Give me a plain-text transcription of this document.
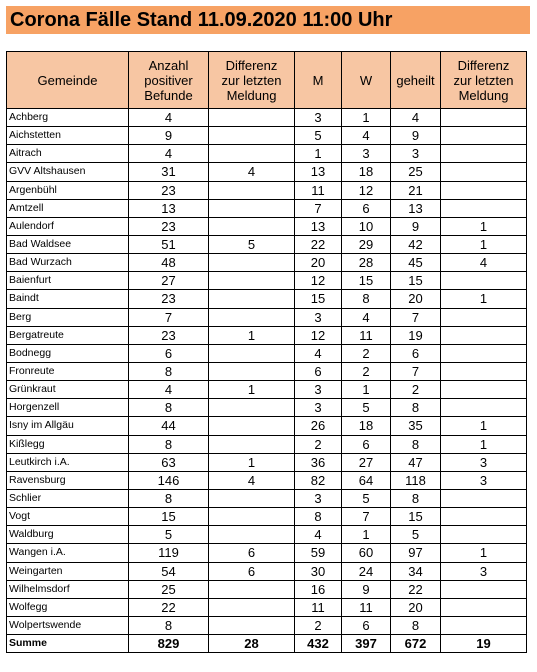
Corona Fälle Stand 11.09.2020 11:00 Uhr
Gemeinde	Anzahl
positiver
Befunde	Differenz
zur letzten
Meldung	M	W	geheilt	Differenz
zur letzten
Meldung
Achberg	4		3	1	4	
Aichstetten	9		5	4	9	
Aitrach	4		1	3	3	
GVV Altshausen	31	4	13	18	25	
Argenbühl	23		11	12	21	
Amtzell	13		7	6	13	
Aulendorf	23		13	10	9	1
Bad Waldsee	51	5	22	29	42	1
Bad Wurzach	48		20	28	45	4
Baienfurt	27		12	15	15	
Baindt	23		15	8	20	1
Berg	7		3	4	7	
Bergatreute	23	1	12	11	19	
Bodnegg	6		4	2	6	
Fronreute	8		6	2	7	
Grünkraut	4	1	3	1	2	
Horgenzell	8		3	5	8	
Isny im Allgäu	44		26	18	35	1
Kißlegg	8		2	6	8	1
Leutkirch i.A.	63	1	36	27	47	3
Ravensburg	146	4	82	64	118	3
Schlier	8		3	5	8	
Vogt	15		8	7	15	
Waldburg	5		4	1	5	
Wangen i.A.	119	6	59	60	97	1
Weingarten	54	6	30	24	34	3
Wilhelmsdorf	25		16	9	22	
Wolfegg	22		11	11	20	
Wolpertswende	8		2	6	8	
Summe	829	28	432	397	672	19
